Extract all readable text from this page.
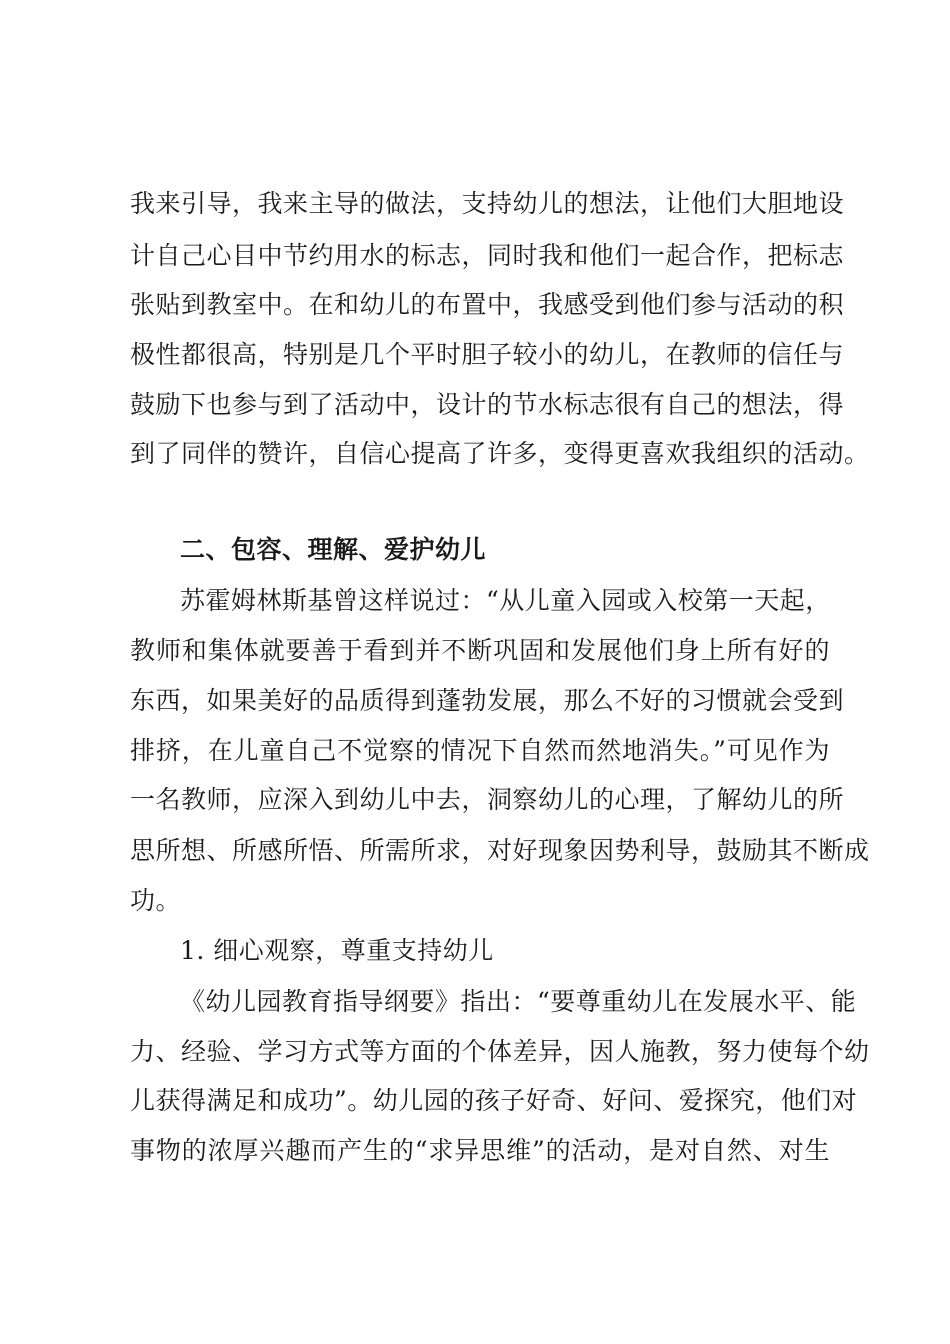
我来引导，我来主导的做法，支持幼儿的想法，让他们大胆地设
计自己心目中节约用水的标志，同时我和他们一起合作，把标志
张贴到教室中。在和幼儿的布置中，我感受到他们参与活动的积
极性都很高，特别是几个平时胆子较小的幼儿，在教师的信任与
鼓励下也参与到了活动中，设计的节水标志很有自己的想法，得
到了同伴的赞许，自信心提高了许多，变得更喜欢我组织的活动。
二、包容、理解、爱护幼儿
苏霍姆林斯基曾这样说过：“从儿童入园或入校第一天起，
教师和集体就要善于看到并不断巩固和发展他们身上所有好的
东西，如果美好的品质得到蓬勃发展，那么不好的习惯就会受到
排挤，在儿童自己不觉察的情况下自然而然地消失。”可见作为
一名教师，应深入到幼儿中去，洞察幼儿的心理，了解幼儿的所
思所想、所感所悟、所需所求，对好现象因势利导，鼓励其不断成
功。
1. 细心观察，尊重支持幼儿
《幼儿园教育指导纲要》指出：“要尊重幼儿在发展水平、能
力、经验、学习方式等方面的个体差异，因人施教，努力使每个幼
儿获得满足和成功”。幼儿园的孩子好奇、好问、爱探究，他们对
事物的浓厚兴趣而产生的“求异思维”的活动，是对自然、对生
